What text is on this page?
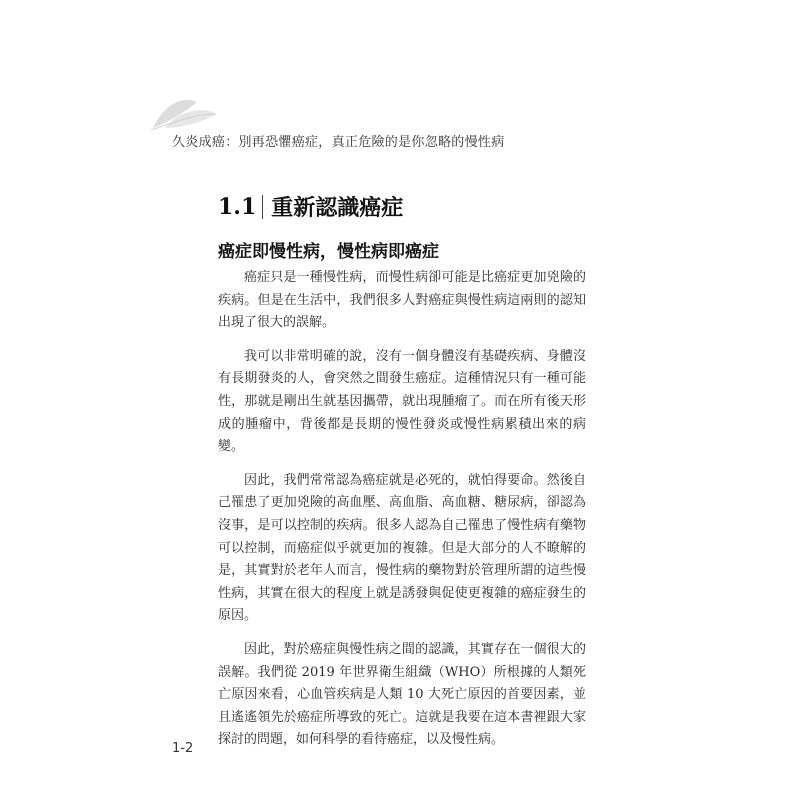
久炎成癌：別再恐懼癌症，真正危險的是你忽略的慢性病
1.1 重新認識癌症
癌症即慢性病，慢性病即癌症

癌症只是一種慢性病，而慢性病卻可能是比癌症更加兇險的疾病。但是在生活中，我們很多人對癌症與慢性病這兩則的認知出現了很大的誤解。

我可以非常明確的說，沒有一個身體沒有基礎疾病、身體沒有長期發炎的人，會突然之間發生癌症。這種情況只有一種可能性，那就是剛出生就基因攜帶，就出現腫瘤了。而在所有後天形成的腫瘤中，背後都是長期的慢性發炎或慢性病累積出來的病變。

因此，我們常常認為癌症就是必死的，就怕得要命。然後自己罹患了更加兇險的高血壓、高血脂、高血糖、糖尿病，卻認為沒事，是可以控制的疾病。很多人認為自己罹患了慢性病有藥物可以控制，而癌症似乎就更加的複雜。但是大部分的人不瞭解的是，其實對於老年人而言，慢性病的藥物對於管理所謂的這些慢性病，其實在很大的程度上就是誘發與促使更複雜的癌症發生的原因。

因此，對於癌症與慢性病之間的認識，其實存在一個很大的誤解。我們從 2019 年世界衛生組織（WHO）所根據的人類死亡原因來看，心血管疾病是人類 10 大死亡原因的首要因素，並且遙遙領先於癌症所導致的死亡。這就是我要在這本書裡跟大家探討的問題，如何科學的看待癌症，以及慢性病。

1-2
